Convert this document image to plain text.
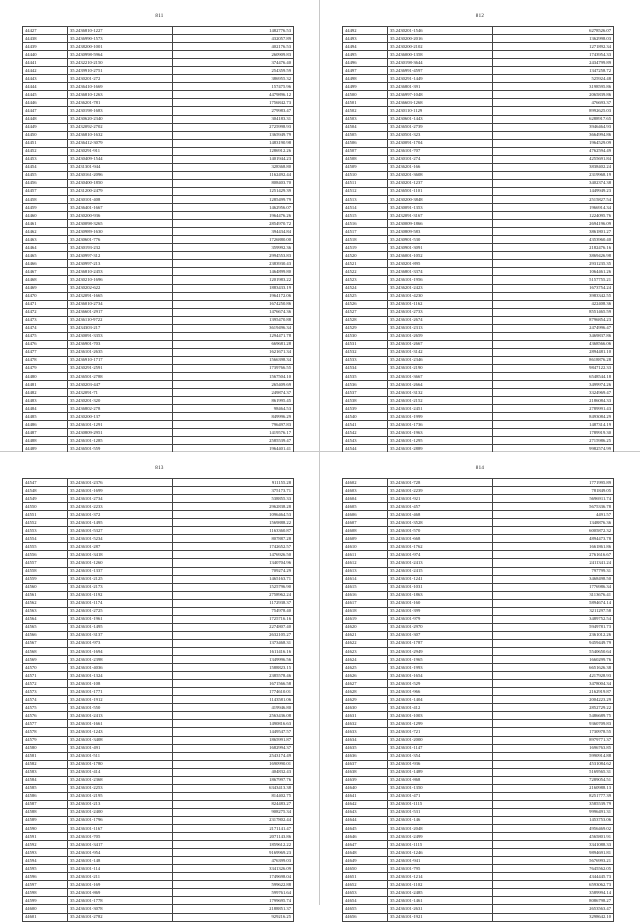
811
44427	35.2436810-1227	1482776.53
44438	35.2436990-1573	432057.89
44439	35.2438200-1001	402176.53
44440	35.2430998-5964	260909.83
44441	35.2432210-2150	374476.40
44442	35.2439910-2751	254359.59
44443	35.2430201-272	386955.32
44444	35.2436410-1669	157475.96
44445	35.2436810-1263	4479896.12
44446	35.2436201-781	1756842.73
44447	35.2430198-1683	279983.47
44448	35.2430620-2340	304183.31
44449	35.2432092-2702	2725998.93
44450	35.2436810-1632	1365949.79
44451	35.2436412-3079	1483190.98
44452	35.2430291-911	1286912.26
44453	35.2430409-1544	1401944.23
44454	35.2431301-944	328368.80
44455	35.2430161-2096	1162492.44
44456	35.2430400-1850	808403.70
44457	35.2431200-2479	1251429.39
44458	35.2430101-408	1285499.79
44459	35.2436401-1667	1462956.07
44460	35.2430200-936	1964476.26
44461	35.2430098-3265	2854970.72
44462	35.2430989-1630	394434.84
44463	35.2430601-776	1726880.00
44464	35.2430193-232	359992.36
44465	35.2430997-312	2994553.83
44466	35.2430997-213	2383930.43
44467	35.2436810-2453	1464899.80
44468	35.2430210-1696	1201983.22
44469	35.2430202-622	1883433.19
44470	35.2432091-1665	1964172.06
44471	35.2436010-2734	1674250.86
44472	35.2436601-2917	1476674.36
44473	35.2436110-9722	1395470.88
44474	35.2434303-217	3619496.34
44475	35.2430091-3353	1294471.78
44476	35.2436901-703	669681.28
44477	35.2436101-2635	1621671.34
44478	35.2436910-1717	1566398.34
44479	35.2430291-2591	1739766.55
44480	35.2436501-2788	1567504.10
44481	35.2430203-447	265409.69
44482	35.2432091-71	249874.37
44483	35.2430201-320	861995.45
44484	35.2436802-278	98464.53
44485	35.2430200-137	849996.29
44486	35.2436101-1291	796497.83
44487	35.2430809-2951	1419576.17
44488	35.2436101-1285	2585539.47
44489	35.2436501-559	1964401.41

812
44492	35.2430201-1546	6278526.07
44493	35.2430200-2016	1362998.03
44494	35.2430200-2102	1271892.34
44495	35.2436000-1358	1743954.33
44496	35.2430198-3644	2434799.89
44497	35.2436991-4597	1347258.72
44498	35.2430291-1449	525924.48
44499	35.2436801-391	3198595.86
44500	35.2436997-1048	2065839.86
44501	35.2436603-1268	476693.37
44502	35.2430110-1129	8992625.03
44503	35.2430601-1443	6288917.65
44504	35.2436501-2739	3946464.93
44505	35.2430501-323	3664994.86
44506	35.2430091-1704	1964529.09
44507	35.2436101-707	4762594.49
44508	35.2430101-274	4255691.84
44509	35.2436201-166	3838402.24
44510	35.2430201-3608	2319968.19
44511	35.2430201-1237	3402374.38
44512	35.2436501-1101	1449949.23
44513	35.2430200-3848	2515827.54
44514	35.2430091-1353	1966914.34
44515	35.2432091-3167	1224095.76
44516	35.2430009-1866	2694196.09
44517	35.2430809-583	3861801.27
44518	35.2430901-530	4353960.40
44519	35.2430901-3091	2182476.16
44520	35.2436001-1052	3869426.98
44521	35.2430201-895	2931235.35
44522	35.2436801-3374	1064461.26
44523	35.2436101-1956	5157755.21
44524	35.2436201-2423	1673754.24
44525	35.2436101-4230	3983342.55
44526	35.2436101-1162	422408.36
44527	35.2436101-2733	8551465.59
44528	35.2436101-2674	8796854.23
44529	35.2436101-2313	2474996.47
44530	35.2436101-2659	3469837.86
44531	35.2436101-2667	4368566.06
44532	35.2436101-3142	2894481.10
44533	35.2436101-2346	8618876.28
44534	35.2436101-2190	9847122.33
44535	35.2436101-3667	6548544.18
44536	35.2436101-2664	3499974.26
44537	35.2436101-3132	3324969.47
44538	35.2436101-2152	2186084.33
44539	35.2436101-2451	2789991.43
44540	35.2436101-1999	8493084.29
44541	35.2436101-1736	1487314.19
44542	35.2436101-1963	1789919.30
44543	35.2436101-1295	2715986.25
44544	35.2436101-2889	9982574.99

813
44547	35.2436101-2376	911155.28
44548	35.2436101-1699	375173.71
44549	35.2436101-2734	538855.33
44550	35.2436101-2233	2962838.28
44551	35.2436101-372	1096464.53
44552	35.2436101-1495	1569888.22
44553	35.2436101-5327	1163360.87
44554	35.2436101-5234	807887.28
44555	35.2436101-287	1742652.57
44556	35.2436101-3418	1476926.50
44557	35.2436101-1260	1340704.96
44558	35.2436101-1337	709274.29
44559	35.2436101-2125	1465163.71
44560	35.2436101-2173	1525796.90
44561	35.2436101-1192	2758962.24
44562	35.2436101-1174	1172938.37
44563	35.2436101-2725	754978.40
44564	35.2436101-1961	1725716.16
44565	35.2436101-1495	2274807.40
44566	35.2436101-3137	2632105.27
44567	35.2436101-973	1373468.31
44568	35.2436101-1694	1611416.16
44569	35.2436101-2398	1349996.56
44570	35.2436101-4036	1588823.15
44571	35.2436101-1324	2385578.46
44572	35.2436101-108	1671566.58
44573	35.2436101-1771	1774610.01
44574	35.2436101-1912	1143581.06
44575	35.2436101-550	419946.80
44576	35.2436101-2413	2563436.08
44577	35.2436101-1661	1490816.63
44578	35.2436101-1243	1449547.57
44579	35.2436101-3408	1865991.87
44580	35.2436101-491	1682994.37
44581	35.2436101-511	2543174.49
44582	35.2436101-1780	1690990.01
44583	35.2436101-414	404832.43
44584	35.2436101-2368	1867997.76
44585	35.2436101-2253	6343413.38
44586	35.2436101-2195	814402.75
44587	35.2436101-213	824483.27
44588	35.2436101-2400	908275.34
44589	35.2436101-1796	2317802.44
44590	35.2436101-1167	2171141.47
44591	35.2436101-705	2071143.86
44592	35.2436101-3417	1859612.22
44593	35.2436101-954	9169969.23
44594	35.2436101-148	476399.03
44595	35.2436101-114	3341326.09
44596	35.2436101-211	1749698.04
44597	35.2436101-169	599622.88
44598	35.2436101-869	599761.64
44599	35.2436101-1778	1799695.74
44600	35.2436101-3078	2188851.37
44601	35.2436101-2782	929216.25
814
44602	35.2436101-728	1771995.89
44603	35.2436101-2239	781849.05
44604	35.2436101-921	5696911.74
44605	35.2436101-457	5675336.78
44606	35.2436101-468	4491.57
44607	35.2436101-3528	1348876.36
44608	35.2436101-570	6005872.32
44609	35.2436101-668	4894473.78
44610	35.2436101-1762	1661861.86
44611	35.2436101-974	2761616.67
44612	35.2436101-2413	2411341.24
44613	35.2436101-2415	797799.31
44614	35.2436101-1241	3468498.50
44615	35.2436101-1031	1776986.34
44616	35.2436101-1863	3113676.41
44617	35.2436101-160	5894674.14
44618	35.2436101-399	3211297.58
44619	35.2436101-979	3489752.54
44620	35.2436101-2970	5949781.73
44621	35.2436101-307	2361012.26
44622	35.2436101-1787	9459449.79
44623	35.2436101-2949	5540650.64
44624	35.2436101-1965	1660299.76
44625	35.2436101-1993	6651626.38
44626	35.2436101-1654	4217928.93
44627	35.2436101-529	3478004.34
44628	35.2436101-966	2162919.87
44629	35.2436101-1404	2004223.29
44630	35.2436101-412	2852729.22
44631	35.2436101-1003	5486689.75
44632	35.2436101-1299	9360709.83
44633	35.2436101-721	1730978.55
44634	35.2436101-2000	8979771.37
44635	35.2436101-1147	1696763.85
44636	35.2436101-354	5990914.88
44637	35.2436101-936	4531084.62
44638	35.2436101-1489	5169565.31
44639	35.2436101-868	7289054.51
44640	35.2436101-1350	2160988.13
44641	35.2436101-471	8251777.39
44642	35.2436101-1115	3585539.79
44643	35.2436101-531	9996491.31
44644	35.2436101-146	1453753.06
44645	35.2436101-2048	4956469.02
44646	35.2436101-2499	4565801.91
44647	35.2436101-1115	3341088.33
44648	35.2436101-1246	9894691.81
44649	35.2436101-941	5676993.21
44650	35.2436101-795	7645562.05
44651	35.2436101-1214	4344445.73
44652	35.2436101-1102	6593062.73
44653	35.2436101-2485	3589994.14
44654	35.2436101-1461	8086798.27
44655	35.2436101-2631	2653563.47
44656	35.2436101-1921	3298642.10
